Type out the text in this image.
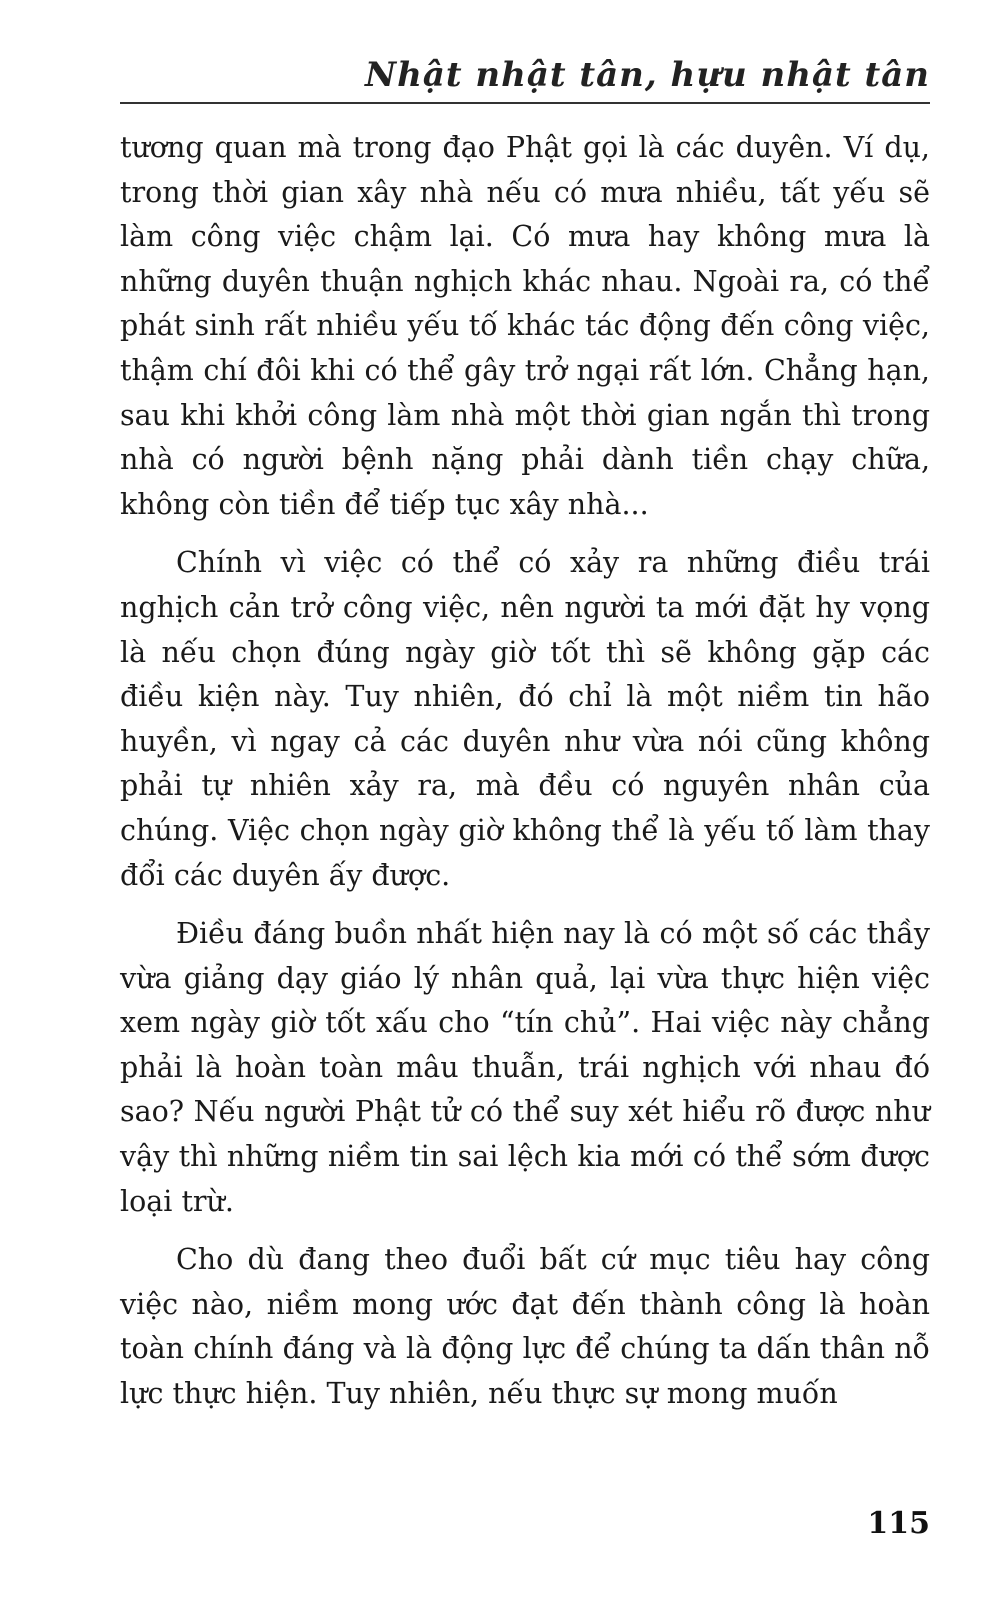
Nhật nhật tân, hựu nhật tân

tương quan mà trong đạo Phật gọi là các duyên. Ví dụ, trong thời gian xây nhà nếu có mưa nhiều, tất yếu sẽ làm công việc chậm lại. Có mưa hay không mưa là những duyên thuận nghịch khác nhau. Ngoài ra, có thể phát sinh rất nhiều yếu tố khác tác động đến công việc, thậm chí đôi khi có thể gây trở ngại rất lớn. Chẳng hạn, sau khi khởi công làm nhà một thời gian ngắn thì trong nhà có người bệnh nặng phải dành tiền chạy chữa, không còn tiền để tiếp tục xây nhà...

Chính vì việc có thể có xảy ra những điều trái nghịch cản trở công việc, nên người ta mới đặt hy vọng là nếu chọn đúng ngày giờ tốt thì sẽ không gặp các điều kiện này. Tuy nhiên, đó chỉ là một niềm tin hão huyền, vì ngay cả các duyên như vừa nói cũng không phải tự nhiên xảy ra, mà đều có nguyên nhân của chúng. Việc chọn ngày giờ không thể là yếu tố làm thay đổi các duyên ấy được.

Điều đáng buồn nhất hiện nay là có một số các thầy vừa giảng dạy giáo lý nhân quả, lại vừa thực hiện việc xem ngày giờ tốt xấu cho “tín chủ”. Hai việc này chẳng phải là hoàn toàn mâu thuẫn, trái nghịch với nhau đó sao? Nếu người Phật tử có thể suy xét hiểu rõ được như vậy thì những niềm tin sai lệch kia mới có thể sớm được loại trừ.

Cho dù đang theo đuổi bất cứ mục tiêu hay công việc nào, niềm mong ước đạt đến thành công là hoàn toàn chính đáng và là động lực để chúng ta dấn thân nỗ lực thực hiện. Tuy nhiên, nếu thực sự mong muốn

115
